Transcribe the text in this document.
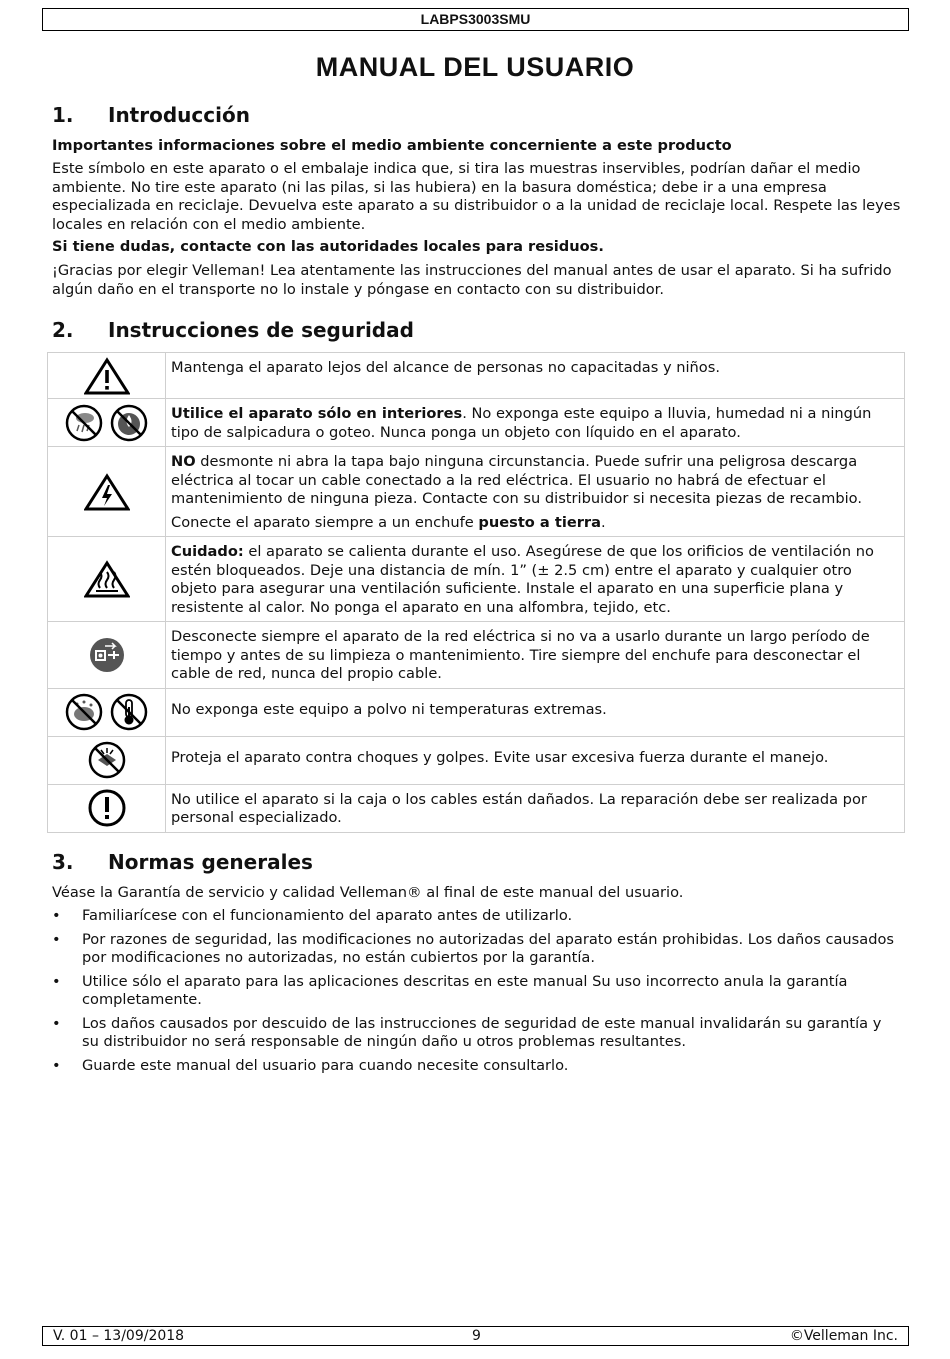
LABPS3003SMU
MANUAL DEL USUARIO
1. Introducción
Importantes informaciones sobre el medio ambiente concerniente a este producto
Este símbolo en este aparato o el embalaje indica que, si tira las muestras inservibles, podrían dañar el medio ambiente. No tire este aparato (ni las pilas, si las hubiera) en la basura doméstica; debe ir a una empresa especializada en reciclaje. Devuelva este aparato a su distribuidor o a la unidad de reciclaje local. Respete las leyes locales en relación con el medio ambiente.
Si tiene dudas, contacte con las autoridades locales para residuos.
¡Gracias por elegir Velleman! Lea atentamente las instrucciones del manual antes de usar el aparato. Si ha sufrido algún daño en el transporte no lo instale y póngase en contacto con su distribuidor.
2. Instrucciones de seguridad

Mantenga el aparato lejos del alcance de personas no capacitadas y niños.

Utilice el aparato sólo en interiores. No exponga este equipo a lluvia, humedad ni a ningún tipo de salpicadura o goteo. Nunca ponga un objeto con líquido en el aparato.

NO desmonte ni abra la tapa bajo ninguna circunstancia. Puede sufrir una peligrosa descarga eléctrica al tocar un cable conectado a la red eléctrica. El usuario no habrá de efectuar el mantenimiento de ninguna pieza. Contacte con su distribuidor si necesita piezas de recambio.

Conecte el aparato siempre a un enchufe puesto a tierra.

Cuidado: el aparato se calienta durante el uso. Asegúrese de que los orificios de ventilación no estén bloqueados. Deje una distancia de mín. 1” (± 2.5 cm) entre el aparato y cualquier otro objeto para asegurar una ventilación suficiente. Instale el aparato en una superficie plana y resistente al calor. No ponga el aparato en una alfombra, tejido, etc.

Desconecte siempre el aparato de la red eléctrica si no va a usarlo durante un largo período de tiempo y antes de su limpieza o mantenimiento. Tire siempre del enchufe para desconectar el cable de red, nunca del propio cable.

No exponga este equipo a polvo ni temperaturas extremas.

Proteja el aparato contra choques y golpes. Evite usar excesiva fuerza durante el manejo.

No utilice el aparato si la caja o los cables están dañados. La reparación debe ser realizada por personal especializado.

3. Normas generales
Véase la Garantía de servicio y calidad Velleman® al final de este manual del usuario.
• Familiarícese con el funcionamiento del aparato antes de utilizarlo.
• Por razones de seguridad, las modificaciones no autorizadas del aparato están prohibidas. Los daños causados por modificaciones no autorizadas, no están cubiertos por la garantía.
• Utilice sólo el aparato para las aplicaciones descritas en este manual Su uso incorrecto anula la garantía completamente.
• Los daños causados por descuido de las instrucciones de seguridad de este manual invalidarán su garantía y su distribuidor no será responsable de ningún daño u otros problemas resultantes.
• Guarde este manual del usuario para cuando necesite consultarlo.
V. 01 – 13/09/2018	9	©Velleman Inc.
